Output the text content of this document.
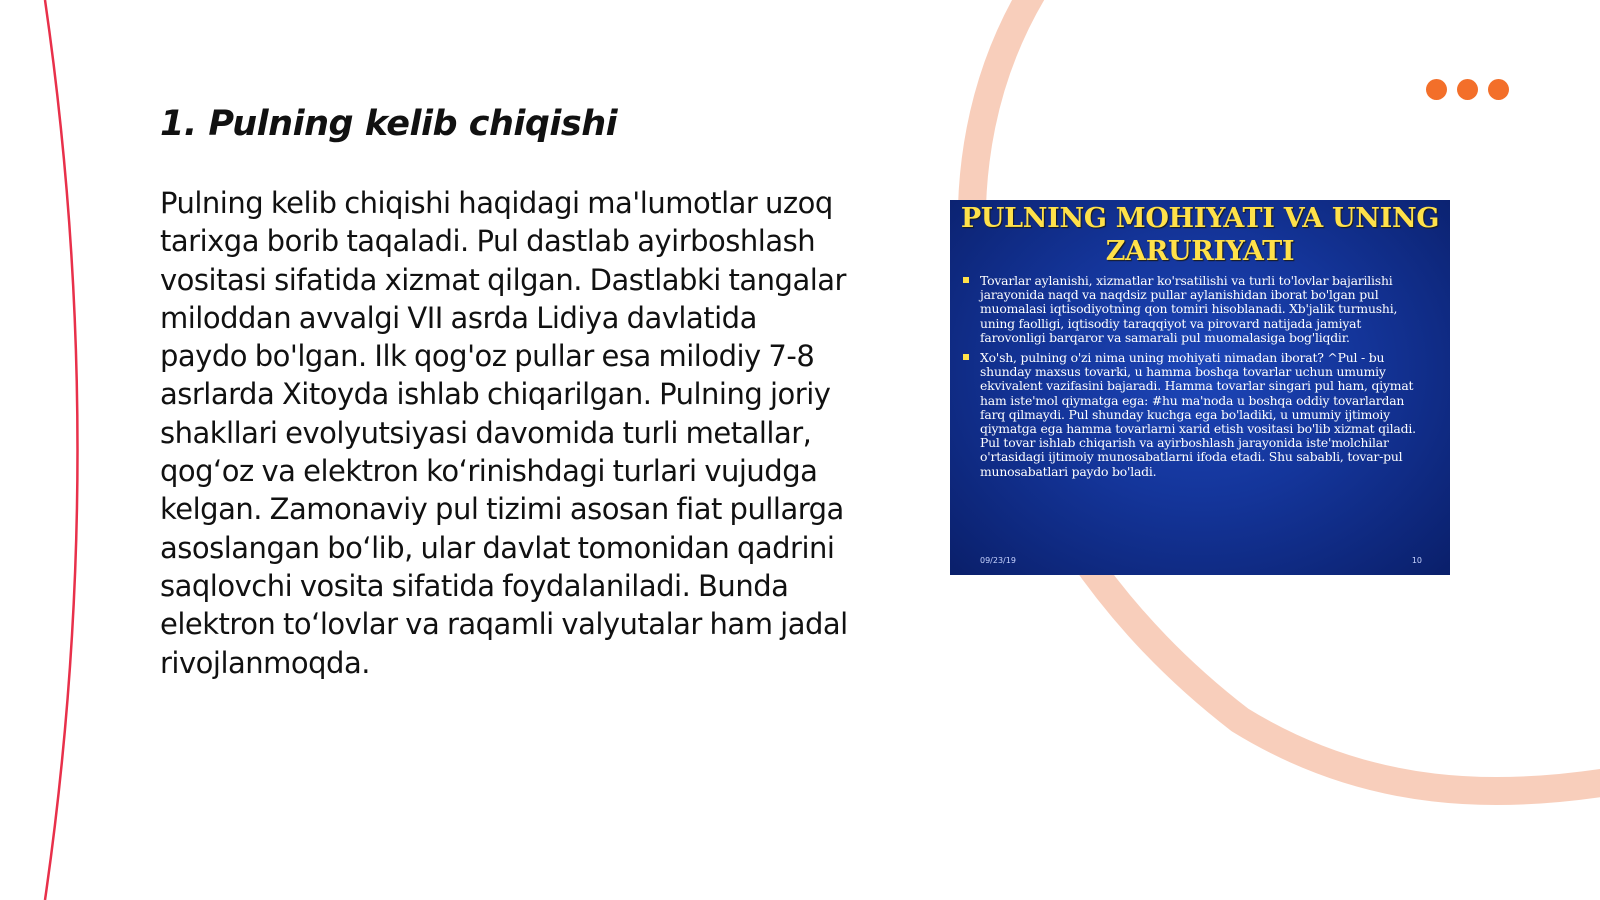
1. Pulning kelib chiqishi

Pulning kelib chiqishi haqidagi ma'lumotlar uzoq tarixga borib taqaladi. Pul dastlab ayirboshlash vositasi sifatida xizmat qilgan. Dastlabki tangalar miloddan avvalgi VII asrda Lidiya davlatida paydo bo'lgan. Ilk qog'oz pullar esa milodiy 7-8 asrlarda Xitoyda ishlab chiqarilgan. Pulning joriy shakllari evolyutsiyasi davomida turli metallar, qog‘oz va elektron ko‘rinishdagi turlari vujudga kelgan. Zamonaviy pul tizimi asosan fiat pullarga asoslangan bo‘lib, ular davlat tomonidan qadrini saqlovchi vosita sifatida foydalaniladi. Bunda elektron to‘lovlar va raqamli valyutalar ham jadal rivojlanmoqda.

PULNING MOHIYATI VA UNING ZARURIYATI
Tovarlar aylanishi, xizmatlar ko'rsatilishi va turli to'lovlar bajarilishi jarayonida naqd va naqdsiz pullar aylanishidan iborat bo'lgan pul muomalasi iqtisodiyotning qon tomiri hisoblanadi. Xb'jalik turmushi, uning faolligi, iqtisodiy taraqqiyot va pirovard natijada jamiyat farovonligi barqaror va samarali pul muomalasiga bog'liqdir.
Xo'sh, pulning o'zi nima uning mohiyati nimadan iborat? ^Pul - bu shunday maxsus tovarki, u hamma boshqa tovarlar uchun umumiy ekvivalent vazifasini bajaradi. Hamma tovarlar singari pul ham, qiymat ham iste'mol qiymatga ega: #hu ma'noda u boshqa oddiy tovarlardan farq qilmaydi. Pul shunday kuchga ega bo'ladiki, u umumiy ijtimoiy qiymatga ega hamma tovarlarni xarid etish vositasi bo'lib xizmat qiladi. Pul tovar ishlab chiqarish va ayirboshlash jarayonida iste'molchilar o'rtasidagi ijtimoiy munosabatlarni ifoda etadi. Shu sababli, tovar-pul munosabatlari paydo bo'ladi.
09/23/19	10
